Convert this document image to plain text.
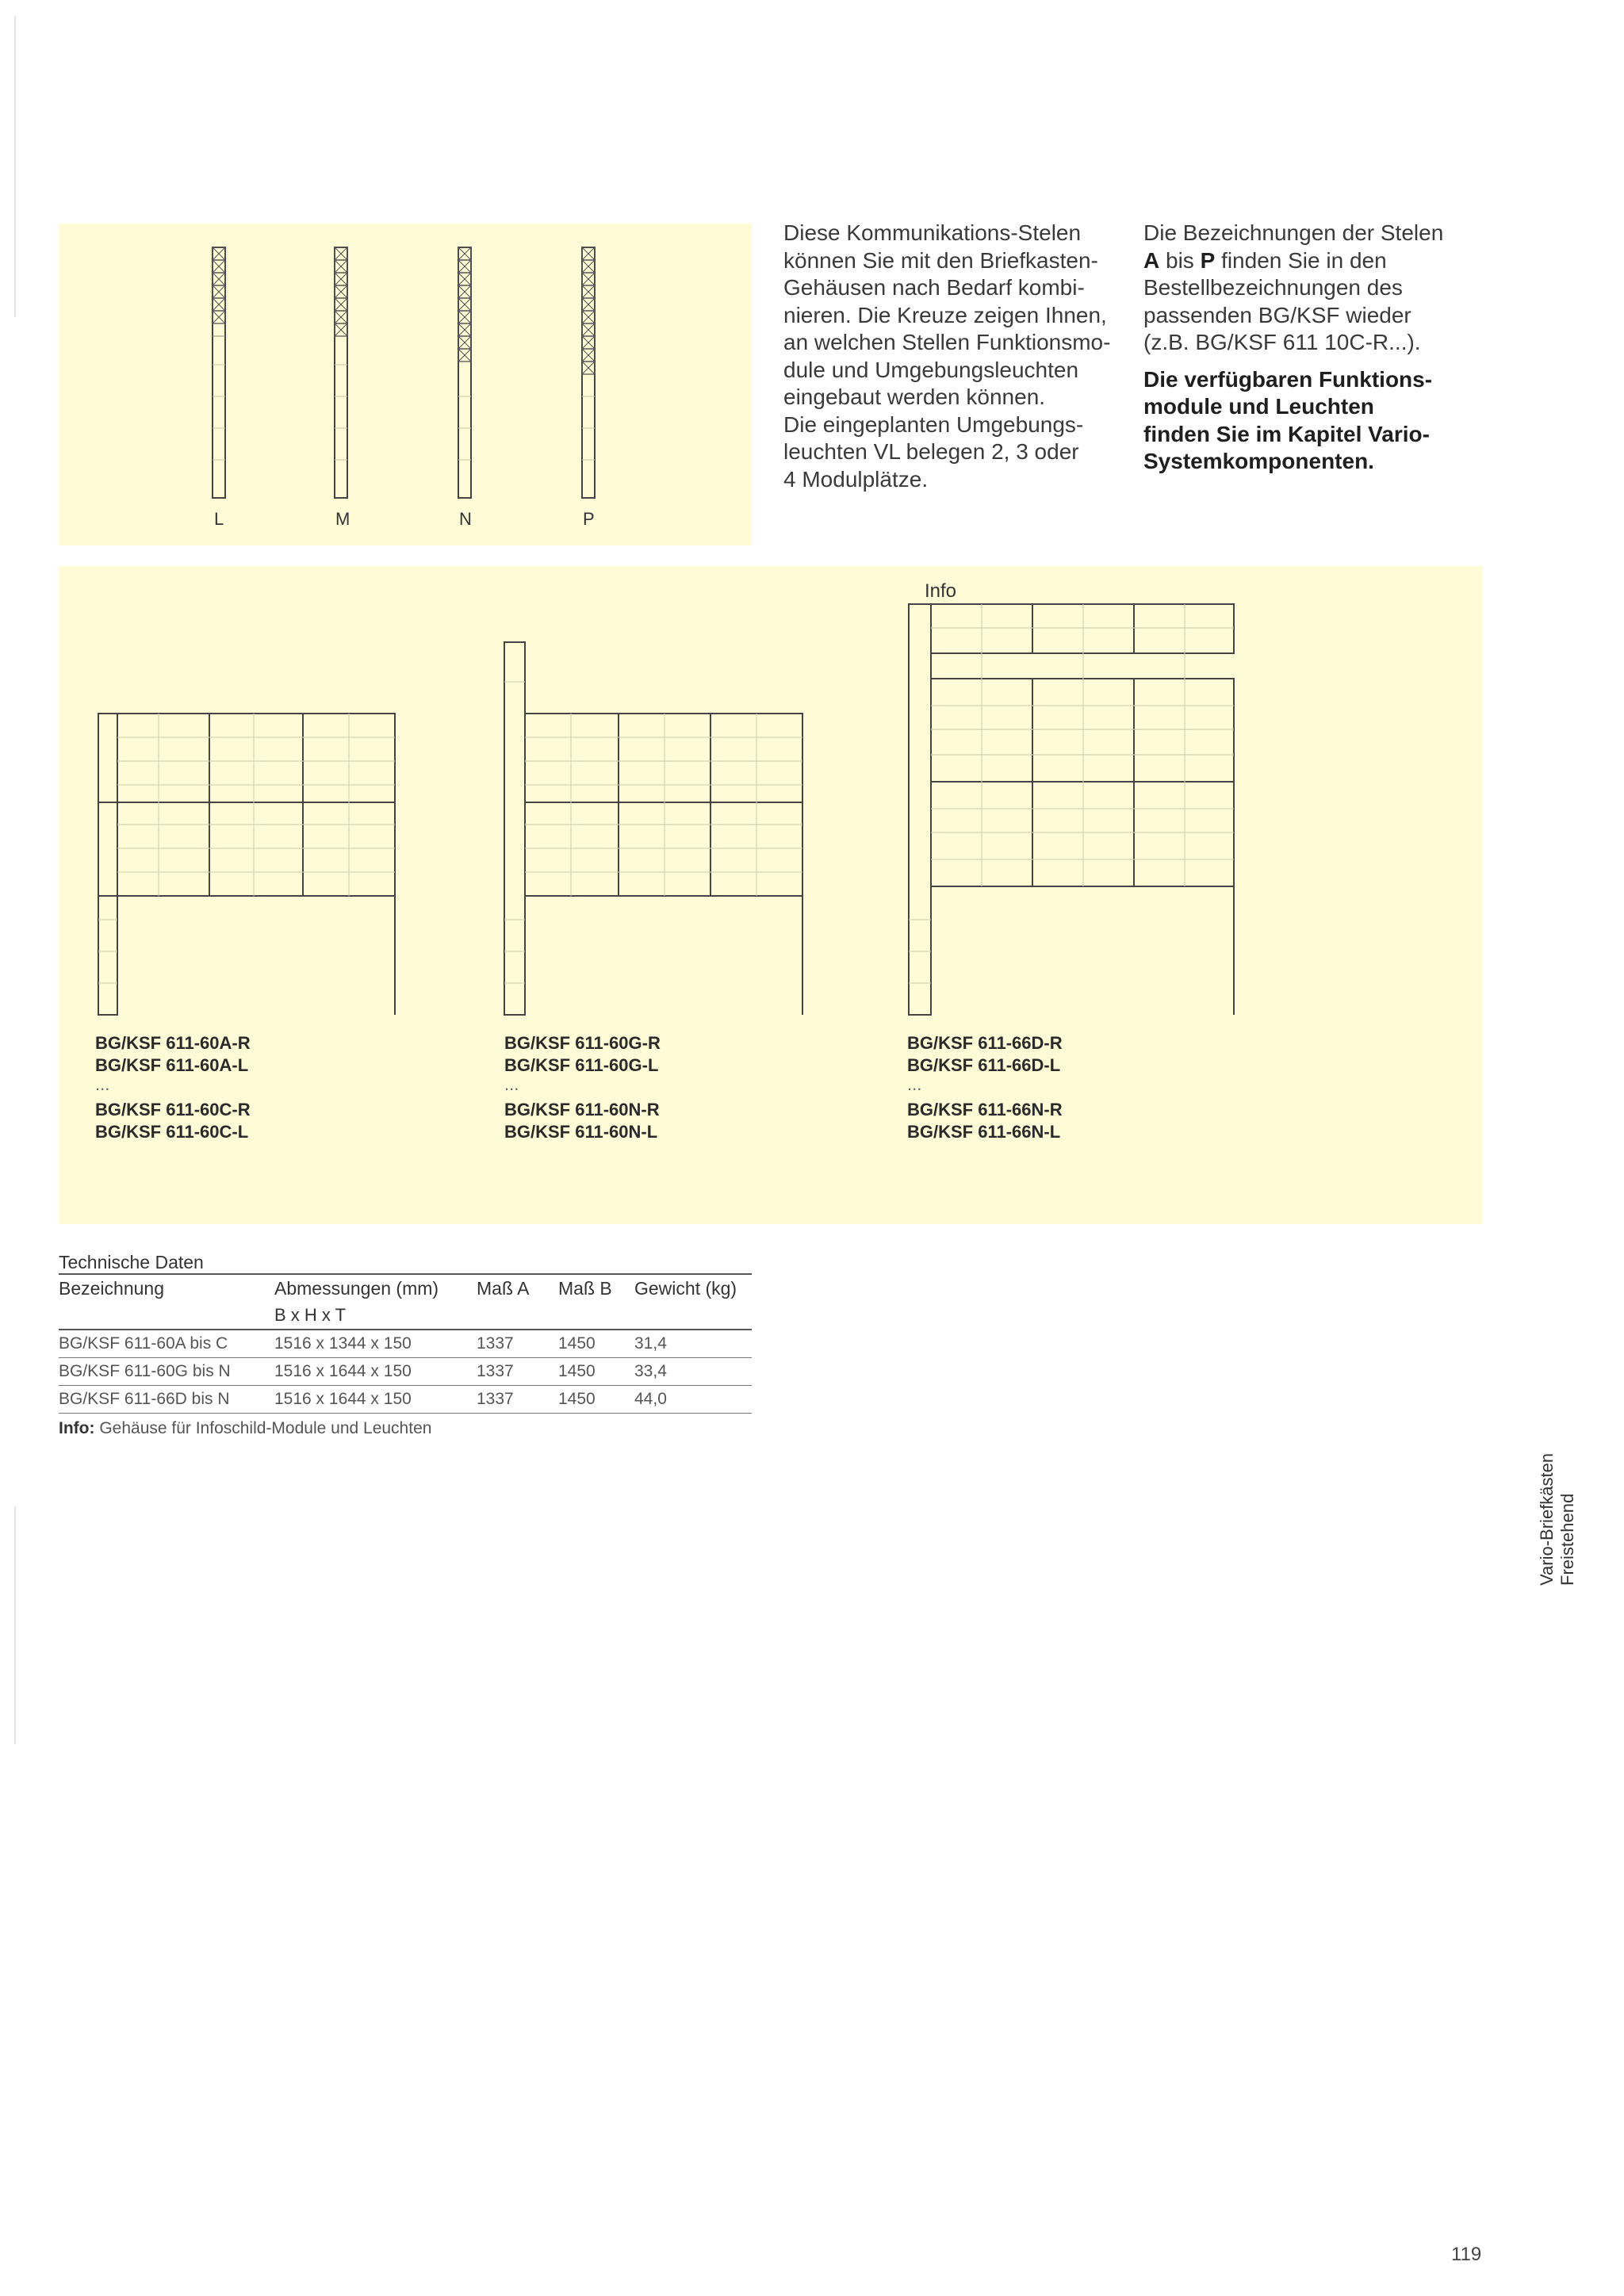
L	M	N	P

Diese Kommunikations-Stelen

können Sie mit den Briefkasten-

Gehäusen nach Bedarf kombi-

nieren. Die Kreuze zeigen Ihnen,

an welchen Stellen Funktionsmo-

dule und Umgebungsleuchten

eingebaut werden können.

Die eingeplanten Umgebungs-

leuchten VL belegen 2, 3 oder

4 Modulplätze.

Die Bezeichnungen der Stelen

A bis P finden Sie in den

Bestellbezeichnungen des

passenden BG/KSF wieder

(z.B. BG/KSF 611 10C-R...).

Die verfügbaren Funktions-

module und Leuchten

finden Sie im Kapitel Vario-

Systemkomponenten.

Info
BG/KSF 611-60A-R
BG/KSF 611-60A-L
...
BG/KSF 611-60C-R
BG/KSF 611-60C-L
BG/KSF 611-60G-R
BG/KSF 611-60G-L
...
BG/KSF 611-60N-R
BG/KSF 611-60N-L
BG/KSF 611-66D-R
BG/KSF 611-66D-L
...
BG/KSF 611-66N-R
BG/KSF 611-66N-L
Technische Daten
Bezeichnung	Abmessungen (mm)	Maß A	Maß B	Gewicht (kg)
B x H x T
BG/KSF 611-60A bis C	1516 x 1344 x 150	1337	1450	31,4
BG/KSF 611-60G bis N	1516 x 1644 x 150	1337	1450	33,4
BG/KSF 611-66D bis N	1516 x 1644 x 150	1337	1450	44,0
Info: Gehäuse für Infoschild-Module und Leuchten
Vario-Briefkästen Freistehend
119
